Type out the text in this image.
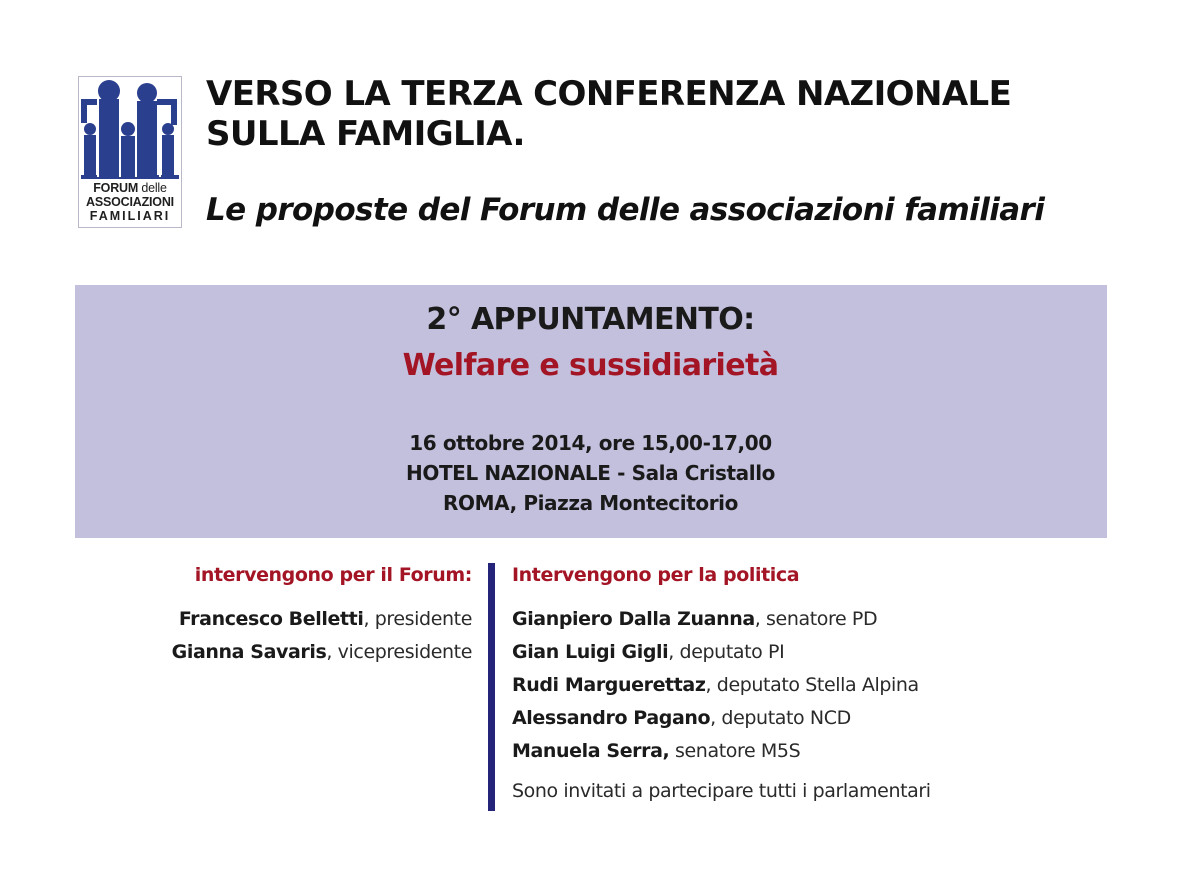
FORUM delle
ASSOCIAZIONI
FAMILIARI
VERSO LA TERZA CONFERENZA NAZIONALE
SULLA FAMIGLIA.
Le proposte del Forum delle associazioni familiari
2° APPUNTAMENTO:
Welfare e sussidiarietà
16 ottobre 2014, ore 15,00-17,00
HOTEL NAZIONALE - Sala Cristallo
ROMA, Piazza Montecitorio
intervengono per il Forum:
Francesco Belletti, presidente
Gianna Savaris, vicepresidente
Intervengono per la politica
Gianpiero Dalla Zuanna, senatore PD
Gian Luigi Gigli, deputato PI
Rudi Marguerettaz, deputato Stella Alpina
Alessandro Pagano, deputato NCD
Manuela Serra, senatore M5S
Sono invitati a partecipare tutti i parlamentari
